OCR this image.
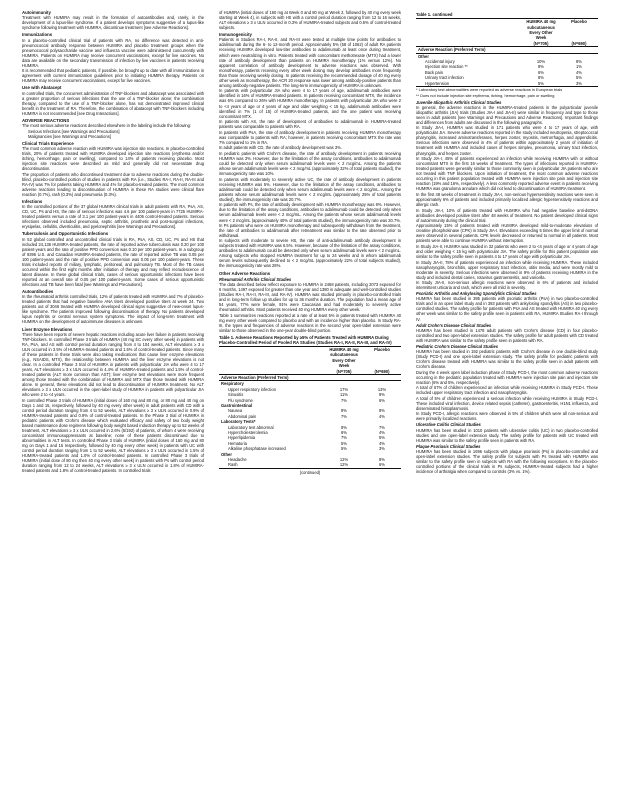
Autoimmunity

Treatment with HUMIRA may result in the formation of autoantibodies and, rarely, in the development of a lupus-like syndrome. If a patient develops symptoms suggestive of a lupus-like syndrome following treatment with HUMIRA, discontinue treatment [see Adverse Reactions].

Immunizations

In a placebo-controlled clinical trial of patients with RA, no difference was detected in anti-pneumococcal antibody response between HUMIRA and placebo treatment groups when the pneumococcal polysaccharide vaccine and influenza vaccine were administered concurrently with HUMIRA. Patients on HUMIRA may receive concurrent vaccinations, except for live vaccines. No data are available on the secondary transmission of infection by live vaccines in patients receiving HUMIRA.

It is recommended that pediatric patients, if possible, be brought up to date with all immunizations in agreement with current immunization guidelines prior to initiating HUMIRA therapy. Patients on HUMIRA may receive concurrent vaccinations, except for live vaccines.

Use with Abatacept

In controlled trials, the concurrent administration of TNF-blockers and abatacept was associated with a greater proportion of serious infections than the use of a TNF-blocker alone; the combination therapy, compared to the use of a TNF-blocker alone, has not demonstrated improved clinical benefit in the treatment of RA. Therefore, the combination of abatacept with TNF-blockers including HUMIRA is not recommended [see Drug Interactions].

ADVERSE REACTIONS

The most serious adverse reactions described elsewhere in the labeling include the following:

• Serious Infections [see Warnings and Precautions]
• Malignancies [see Warnings and Precautions]
Clinical Trials Experience

The most common adverse reaction with HUMIRA was injection site reactions. In placebo-controlled trials, 20% of patients treated with HUMIRA developed injection site reactions (erythema and/or itching, hemorrhage, pain or swelling), compared to 14% of patients receiving placebo. Most injection site reactions were described as mild and generally did not necessitate drug discontinuation.

The proportion of patients who discontinued treatment due to adverse reactions during the double-blind, placebo-controlled portion of studies in patients with RA (i.e., Studies RA-I, RA-II, RA-III and RA-IV) was 7% for patients taking HUMIRA and 4% for placebo-treated patients. The most common adverse reactions leading to discontinuation of HUMIRA in these RA studies were clinical flare reaction (0.7%), rash (0.3%) and pneumonia (0.3%).

Infections

In the controlled portions of the 37 global HUMIRA clinical trials in adult patients with RA, PsA, AS, CD, UC, Ps and HS, the rate of serious infections was 4.6 per 100 patient-years in 7725 HUMIRA-treated patients versus a rate of 3.1 per 100 patient-years in 4406 control-treated patients. Serious infections observed included pneumonia, septic arthritis, prosthetic and post-surgical infections, erysipelas, cellulitis, diverticulitis, and pyelonephritis [see Warnings and Precautions].

Tuberculosis and Opportunistic Infections

In 52 global controlled and uncontrolled clinical trials in RA, PsA, AS, CD, UC, Ps and HS that included 24,136 HUMIRA-treated patients, the rate of reported active tuberculosis was 0.20 per 100 patient-years and the rate of positive PPD conversion was 0.10 per 100 patient-years. In a subgroup of 9396 U.S. and Canadian HUMIRA-treated patients, the rate of reported active TB was 0.05 per 100 patient-years and the rate of positive PPD conversion was 0.05 per 100 patient-years. These trials included reports of miliary, lymphatic, peritoneal, and pulmonary TB. Most of the TB cases occurred within the first eight months after initiation of therapy and may reflect recrudescence of latent disease. In these global clinical trials, cases of serious opportunistic infections have been reported at an overall rate of 0.05 per 100 patient-years. Some cases of serious opportunistic infections and TB have been fatal [see Warnings and Precautions].

Autoantibodies

In the rheumatoid arthritis controlled trials, 12% of patients treated with HUMIRA and 7% of placebo-treated patients that had negative baseline ANA titers developed positive titers at week 24. Two patients out of 3046 treated with HUMIRA developed clinical signs suggestive of new-onset lupus-like syndrome. The patients improved following discontinuation of therapy. No patients developed lupus nephritis or central nervous system symptoms. The impact of long-term treatment with HUMIRA on the development of autoimmune diseases is unknown.

Liver Enzyme Elevations

There have been reports of severe hepatic reactions including acute liver failure in patients receiving TNF-blockers. In controlled Phase 3 trials of HUMIRA (40 mg SC every other week) in patients with RA, PsA, and AS with control period duration ranging from 4 to 104 weeks, ALT elevations ≥ 3 x ULN occurred in 3.5% of HUMIRA-treated patients and 1.5% of control-treated patients. Since many of these patients in these trials were also taking medications that cause liver enzyme elevations (e.g., NSAIDS, MTX), the relationship between HUMIRA and the liver enzyme elevations is not clear. In a controlled Phase 3 trial of HUMIRA in patients with polyarticular JIA who were 4 to 17 years, ALT elevations ≥ 3 x ULN occurred in 4.4% of HUMIRA-treated patients and 1.5% of control-treated patients (ALT more common than AST); liver enzyme test elevations were more frequent among those treated with the combination of HUMIRA and MTX than those treated with HUMIRA alone. In general, these elevations did not lead to discontinuation of HUMIRA treatment. No ALT elevations ≥ 3 x ULN occurred in the open-label study of HUMIRA in patients with polyarticular JIA who were 2 to <4 years.

In controlled Phase 3 trials of HUMIRA (initial doses of 160 mg and 80 mg, or 80 mg and 40 mg on Days 1 and 15, respectively, followed by 40 mg every other week) in adult patients with CD with a control period duration ranging from 4 to 52 weeks, ALT elevations ≥ 3 x ULN occurred in 0.9% of HUMIRA-treated patients and 0.9% of control-treated patients. In the Phase 3 trial of HUMIRA in pediatric patients with Crohn's disease which evaluated efficacy and safety of two body weight based maintenance dose regimens following body weight based induction therapy up to 52 weeks of treatment, ALT elevations ≥ 3 x ULN occurred in 2.6% (5/192) of patients, of whom 4 were receiving concomitant immunosuppressants at baseline; none of these patients discontinued due to abnormalities in ALT tests. In controlled Phase 3 trials of HUMIRA (initial doses of 160 mg and 80 mg on Days 1 and 15 respectively, followed by 40 mg every other week) in patients with UC with control period duration ranging from 1 to 52 weeks, ALT elevations ≥ 3 x ULN occurred in 1.5% of HUMIRA-treated patients and 1.0% of control-treated patients. In controlled Phase 3 trials of HUMIRA (initial dose of 80 mg then 40 mg every other week) in patients with Ps with control period duration ranging from 12 to 24 weeks, ALT elevations ≥ 3 x ULN occurred in 1.8% of HUMIRA-treated patients and 1.8% of control-treated patients. In controlled trials

of HUMIRA (initial doses of 160 mg at Week 0 and 80 mg at Week 2, followed by 40 mg every week starting at Week 4), in subjects with HS with a control period duration ranging from 12 to 16 weeks, ALT elevations ≥ 3 x ULN occurred in 0.3% of HUMIRA-treated subjects and 0.6% of control-treated subjects.

Immunogenicity

Patients in Studies RA-I, RA-II, and RA-III were tested at multiple time points for antibodies to adalimumab during the 6- to 12-month period. Approximately 5% (58 of 1062) of adult RA patients receiving HUMIRA developed low-titer antibodies to adalimumab at least once during treatment, which were neutralizing in vitro. Patients treated with concomitant methotrexate (MTX) had a lower rate of antibody development than patients on HUMIRA monotherapy (1% versus 12%). No apparent correlation of antibody development to adverse reactions was observed. With monotherapy, patients receiving every other week dosing may develop antibodies more frequently than those receiving weekly dosing. In patients receiving the recommended dosage of 40 mg every other week as monotherapy, the ACR 20 response was lower among antibody-positive patients than among antibody-negative patients. The long-term immunogenicity of HUMIRA is unknown.

In patients with polyarticular JIA who were 4 to 17 years of age, adalimumab antibodies were identified in 16% of HUMIRA-treated patients. In patients receiving concomitant MTX, the incidence was 6% compared to 26% with HUMIRA monotherapy. In patients with polyarticular JIA who were 2 to <4 years of age or 4 years of age and older weighing < 15 kg, adalimumab antibodies were identified in 7% (1 of 15) of HUMIRA-treated patients, and the one patient was receiving concomitant MTX.

In patients with AS, the rate of development of antibodies to adalimumab in HUMIRA-treated patients was comparable to patients with RA.

In patients with PsA, the rate of antibody development in patients receiving HUMIRA monotherapy was comparable to patients with RA; however, in patients receiving concomitant MTX the rate was 7% compared to 1% in RA.

In adult patients with CD, the rate of antibody development was 3%.

In pediatric patients with Crohn's disease, the rate of antibody development in patients receiving HUMIRA was 3%. However, due to the limitation of the assay conditions, antibodies to adalimumab could be detected only when serum adalimumab levels were < 2 mcg/mL. Among the patients whose serum adalimumab levels were < 2 mcg/mL (approximately 32% of total patients studied), the immunogenicity rate was 10%.

In patients with moderately to severely active UC, the rate of antibody development in patients receiving HUMIRA was 5%. However, due to the limitation of the assay conditions, antibodies to adalimumab could be detected only when serum adalimumab levels were < 2 mcg/mL. Among the patients whose serum adalimumab levels were < 2 mcg/mL (approximately 25% of total patients studied), the immunogenicity rate was 20.7%.

In patients with Ps, the rate of antibody development with HUMIRA monotherapy was 8%. However, due to the limitation of the assay conditions, antibodies to adalimumab could be detected only when serum adalimumab levels were < 2 mcg/mL. Among the patients whose serum adalimumab levels were < 2 mcg/mL (approximately 40% of total patients studied), the immunogenicity rate was 20.7%. In Ps patients who were on HUMIRA monotherapy and subsequently withdrawn from the treatment, the rate of antibodies to adalimumab after retreatment was similar to the rate observed prior to withdrawal.

In subjects with moderate to severe HS, the rate of anti-adalimumab antibody development in subjects treated with HUMIRA was 6.5%. However, because of the limitation of the assay conditions, antibodies to adalimumab could be detected only when serum adalimumab levels were < 2 mcg/mL. Among subjects who stopped HUMIRA treatment for up to 24 weeks and in whom adalimumab serum levels subsequently declined to < 2 mcg/mL (approximately 22% of total subjects studied), the immunogenicity rate was 28%.

Other Adverse Reactions
Rheumatoid Arthritis Clinical Studies

The data described below reflect exposure to HUMIRA in 2468 patients, including 2073 exposed for 6 months, 1497 exposed for greater than one year and 1380 in adequate and well-controlled studies (Studies RA-I, RA-II, RA-III, and RA-IV). HUMIRA was studied primarily in placebo-controlled trials and in long-term follow up studies for up to 36 months duration. The population had a mean age of 54 years, 77% were female, 91% were Caucasian and had moderately to severely active rheumatoid arthritis. Most patients received 40 mg HUMIRA every other week.

Table 1 summarizes reactions reported at a rate of at least 5% in patients treated with HUMIRA 40 mg every other week compared to placebo and with an incidence higher than placebo. In Study RA-III, the types and frequencies of adverse reactions in the second year open-label extension were similar to those observed in the one-year double-blind portion.

Table 1. Adverse Reactions Reported by ≥5% of Patients Treated with HUMIRA During Placebo-Controlled Period of Pooled RA Studies (Studies RA-I, RA-II, RA-III, and RA-IV)
	HUMIRA 40 mg subcutaneous Every Other Week	Placebo
	(N=705)	(N=690)
Adverse Reaction (Preferred Term)		
Respiratory		
Upper respiratory infection	17%	13%
Sinusitis	11%	9%
Flu syndrome	7%	6%
Gastrointestinal		
Nausea	9%	8%
Abdominal pain	7%	4%
Laboratory Tests*		
Laboratory test abnormal	8%	7%
Hypercholesterolemia	6%	4%
Hyperlipidemia	7%	5%
Hematuria	5%	4%
Alkaline phosphatase increased	5%	3%
Other		
Headache	12%	8%
Rash	12%	6%
(continued)
Table 1. continued
	HUMIRA 40 mg subcutaneous Every Other Week	Placebo
	(N=705)	(N=690)
Adverse Reaction (Preferred Term)		
Other		
Accidental injury	10%	8%
Injection site reaction **	8%	1%
Back pain	6%	4%
Urinary tract infection	8%	5%
Hypertension	5%	3%

* Laboratory test abnormalities were reported as adverse reactions in European trials

** Does not include injection site erythema, itching, hemorrhage, pain or swelling

Juvenile Idiopathic Arthritis Clinical Studies

In general, the adverse reactions in the HUMIRA-treated patients in the polyarticular juvenile idiopathic arthritis (JIA) trials (Studies JIA-I and JIA-II) were similar in frequency and type to those seen in adult patients [see Warnings and Precautions and Adverse Reactions]. Important findings and differences from adults are discussed in the following paragraphs.

In Study JIA-I, HUMIRA was studied in 171 patients who were 4 to 17 years of age, with polyarticular JIA. Severe adverse reactions reported in the study included neutropenia, streptococcal pharyngitis, increased aminotransferases, herpes zoster, myositis, metrorrhagia, and appendicitis. Serious infections were observed in 4% of patients within approximately 2 years of initiation of treatment with HUMIRA and included cases of herpes simplex, pneumonia, urinary tract infection, pharyngitis, and herpes zoster.

In Study JIA-I, 45% of patients experienced an infection while receiving HUMIRA with or without concomitant MTX in the first 16 weeks of treatment. The types of infections reported in HUMIRA-treated patients were generally similar to those commonly seen in polyarticular JIA patients who are not treated with TNF blockers. Upon initiation of treatment, the most common adverse reactions occurring in this patient population treated with HUMIRA were injection site pain and injection site reaction (19% and 16%, respectively). A less commonly reported adverse event in patients receiving HUMIRA was granuloma annulare which did not lead to discontinuation of HUMIRA treatment.

In the first 48 weeks of treatment in Study JIA-I, non-serious hypersensitivity reactions were seen in approximately 6% of patients and included primarily localized allergic hypersensitivity reactions and allergic rash.

In Study JIA-I, 10% of patients treated with HUMIRA who had negative baseline anti-dsDNA antibodies developed positive titers after 48 weeks of treatment. No patient developed clinical signs of autoimmunity during the clinical trial.

Approximately 15% of patients treated with HUMIRA developed mild-to-moderate elevations of creatine phosphokinase (CPK) in Study JIA-I. Elevations exceeding 5 times the upper limit of normal were observed in several patients. CPK levels decreased or returned to normal in all patients. Most patients were able to continue HUMIRA without interruption.

In Study JIA-II, HUMIRA was studied in 32 patients who were 2 to <4 years of age or 4 years of age and older weighing < 15 kg with polyarticular JIA. The safety profile for this patient population was similar to the safety profile seen in patients 4 to 17 years of age with polyarticular JIA.

In Study JIA-II, 78% of patients experienced an infection while receiving HUMIRA. These included nasopharyngitis, bronchitis, upper respiratory tract infection, otitis media, and were mostly mild to moderate in severity. Serious infections were observed in 9% of patients receiving HUMIRA in the study and included dental caries, rotavirus gastroenteritis, and varicella.

In Study JIA-II, non-serious allergic reactions were observed in 6% of patients and included intermittent urticaria and rash, which were all mild in severity.

Psoriatic Arthritis and Ankylosing Spondylitis Clinical Studies

HUMIRA has been studied in 395 patients with psoriatic arthritis (PsA) in two placebo-controlled trials and in an open label study and in 393 patients with ankylosing spondylitis (AS) in two placebo-controlled studies. The safety profile for patients with PsA and AS treated with HUMIRA 40 mg every other week was similar to the safety profile seen in patients with RA, HUMIRA Studies RA-I through IV.

Adult Crohn's Disease Clinical Studies

HUMIRA has been studied in 1478 adult patients with Crohn's disease (CD) in four placebo-controlled and two open-label extension studies. The safety profile for adult patients with CD treated with HUMIRA was similar to the safety profile seen in patients with RA.

Pediatric Crohn's Disease Clinical Studies

HUMIRA has been studied in 192 pediatric patients with Crohn's disease in one double-blind study (Study PCD-I) and one open-label extension study. The safety profile for pediatric patients with Crohn's disease treated with HUMIRA was similar to the safety profile seen in adult patients with Crohn's disease.

During the 4 week open label induction phase of Study PCD-I, the most common adverse reactions occurring in the pediatric population treated with HUMIRA were injection site pain and injection site reaction (6% and 5%, respectively).

A total of 67% of children experienced an infection while receiving HUMIRA in Study PCD-I. These included upper respiratory tract infection and nasopharyngitis.

A total of 5% of children experienced a serious infection while receiving HUMIRA in Study PCD-I. These included viral infection, device related sepsis (catheter), gastroenteritis, H1N1 influenza, and disseminated histoplasmosis.

In Study PCD-I, allergic reactions were observed in 5% of children which were all non-serious and were primarily localized reactions.

Ulcerative Colitis Clinical Studies

HUMIRA has been studied in 1010 patients with ulcerative colitis (UC) in two placebo-controlled studies and one open-label extension study. The safety profile for patients with UC treated with HUMIRA was similar to the safety profile seen in patients with RA.

Plaque Psoriasis Clinical Studies

HUMIRA has been studied in 1696 subjects with plaque psoriasis (Ps) in placebo-controlled and open-label extension studies. The safety profile for subjects with Ps treated with HUMIRA was similar to the safety profile seen in subjects with RA with the following exceptions. In the placebo-controlled portions of the clinical trials in Ps subjects, HUMIRA-treated subjects had a higher incidence of arthralgia when compared to controls (3% vs. 1%).
